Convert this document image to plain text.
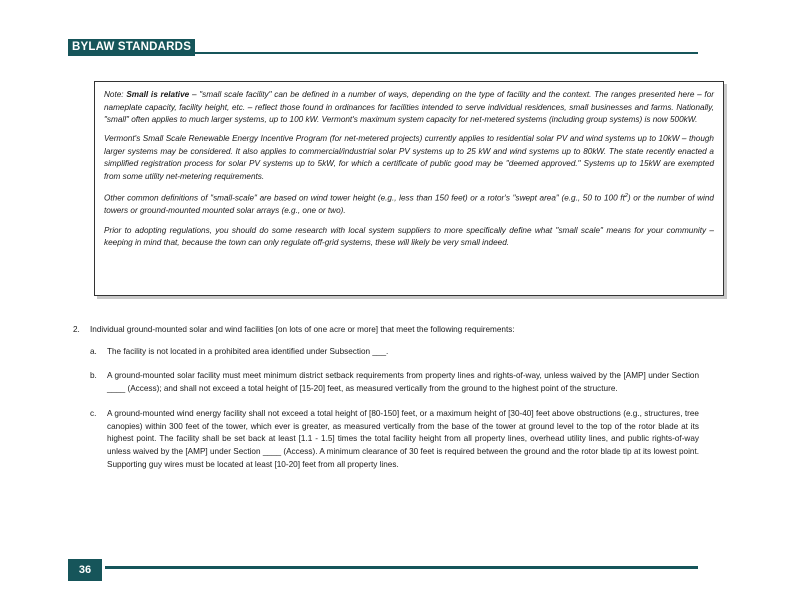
BYLAW STANDARDS

Note: Small is relative – "small scale facility" can be defined in a number of ways, depending on the type of facility and the context. The ranges presented here – for nameplate capacity, facility height, etc. – reflect those found in ordinances for facilities intended to serve individual residences, small businesses and farms. Nationally, "small" often applies to much larger systems, up to 100 kW. Vermont's maximum system capacity for net-metered systems (including group systems) is now 500kW.

Vermont's Small Scale Renewable Energy Incentive Program (for net-metered projects) currently applies to residential solar PV and wind systems up to 10kW – though larger systems may be considered. It also applies to commercial/industrial solar PV systems up to 25 kW and wind systems up to 80kW. The state recently enacted a simplified registration process for solar PV systems up to 5kW, for which a certificate of public good may be "deemed approved." Systems up to 15kW are exempted from some utility net-metering requirements.

Other common definitions of "small-scale" are based on wind tower height (e.g., less than 150 feet) or a rotor's "swept area" (e.g., 50 to 100 $ft^2$) or the number of wind towers or ground-mounted mounted solar arrays (e.g., one or two).

Prior to adopting regulations, you should do some research with local system suppliers to more specifically define what "small scale" means for your community – keeping in mind that, because the town can only regulate off-grid systems, these will likely be very small indeed.

2. Individual ground-mounted solar and wind facilities [on lots of one acre or more] that meet the following requirements:
a. The facility is not located in a prohibited area identified under Subsection ___.
b. A ground-mounted solar facility must meet minimum district setback requirements from property lines and rights-of-way, unless waived by the [AMP] under Section ____ (Access); and shall not exceed a total height of [15-20] feet, as measured vertically from the ground to the highest point of the structure.
c. A ground-mounted wind energy facility shall not exceed a total height of [80-150] feet, or a maximum height of [30-40] feet above obstructions (e.g., structures, tree canopies) within 300 feet of the tower, which ever is greater, as measured vertically from the base of the tower at ground level to the top of the rotor blade at its highest point. The facility shall be set back at least [1.1 - 1.5] times the total facility height from all property lines, overhead utility lines, and public rights-of-way unless waived by the [AMP] under Section ____ (Access). A minimum clearance of 30 feet is required between the ground and the rotor blade tip at its lowest point. Supporting guy wires must be located at least [10-20] feet from all property lines.
36
